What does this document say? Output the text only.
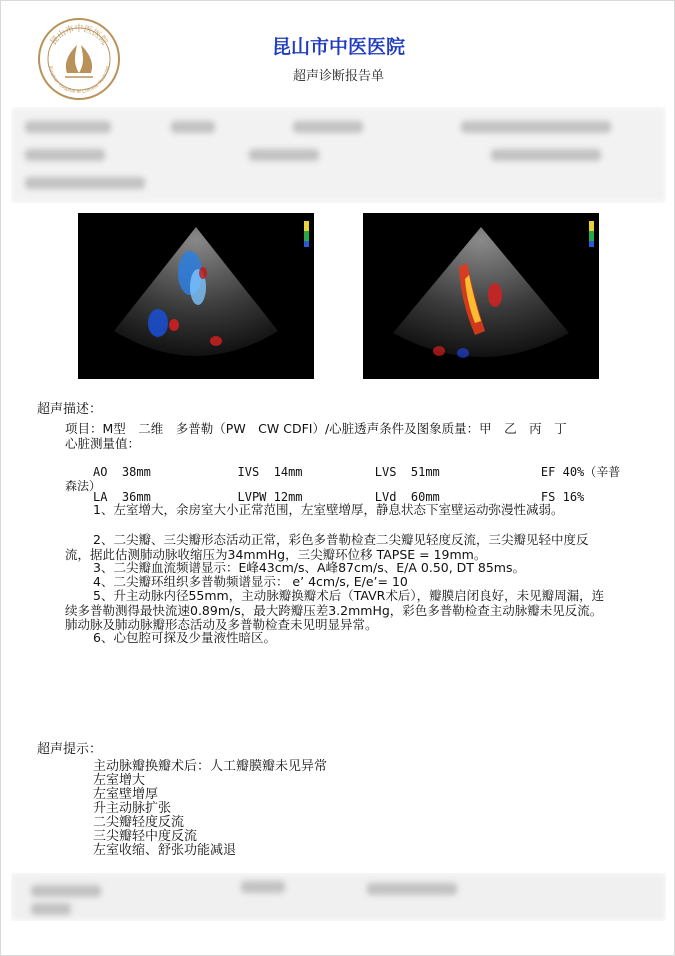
昆山市中医医院
Kunshan Hospital of Chinese Medicine
昆山市中医医院
超声诊断报告单
超声描述：
项目：M型　二维　多普勒（PW　CW CDFI）/心脏透声条件及图象质量：甲　乙　丙　丁
心脏测量值：
AO  38mm            IVS  14mm          LVS  51mm              EF 40%（辛普
森法）
LA  36mm            LVPW 12mm          LVd  60mm              FS 16%
1、左室增大，余房室大小正常范围，左室壁增厚，静息状态下室壁运动弥漫性减弱。
2、二尖瓣、三尖瓣形态活动正常，彩色多普勒检查二尖瓣见轻度反流，三尖瓣见轻中度反流，据此估测肺动脉收缩压为34mmHg，三尖瓣环位移 TAPSE = 19mm。
3、二尖瓣血流频谱显示：E峰43cm/s、A峰87cm/s、E/A 0.50, DT 85ms。
4、二尖瓣环组织多普勒频谱显示： e’ 4cm/s, E/e’= 10
5、升主动脉内径55mm，主动脉瓣换瓣术后（TAVR术后），瓣膜启闭良好，未见瓣周漏，连续多普勒测得最快流速0.89m/s，最大跨瓣压差3.2mmHg，彩色多普勒检查主动脉瓣未见反流。肺动脉及肺动脉瓣形态活动及多普勒检查未见明显异常。
6、心包腔可探及少量液性暗区。
超声提示：
主动脉瓣换瓣术后：人工瓣膜瓣未见异常
左室增大
左室壁增厚
升主动脉扩张
二尖瓣轻度反流
三尖瓣轻中度反流
左室收缩、舒张功能减退
